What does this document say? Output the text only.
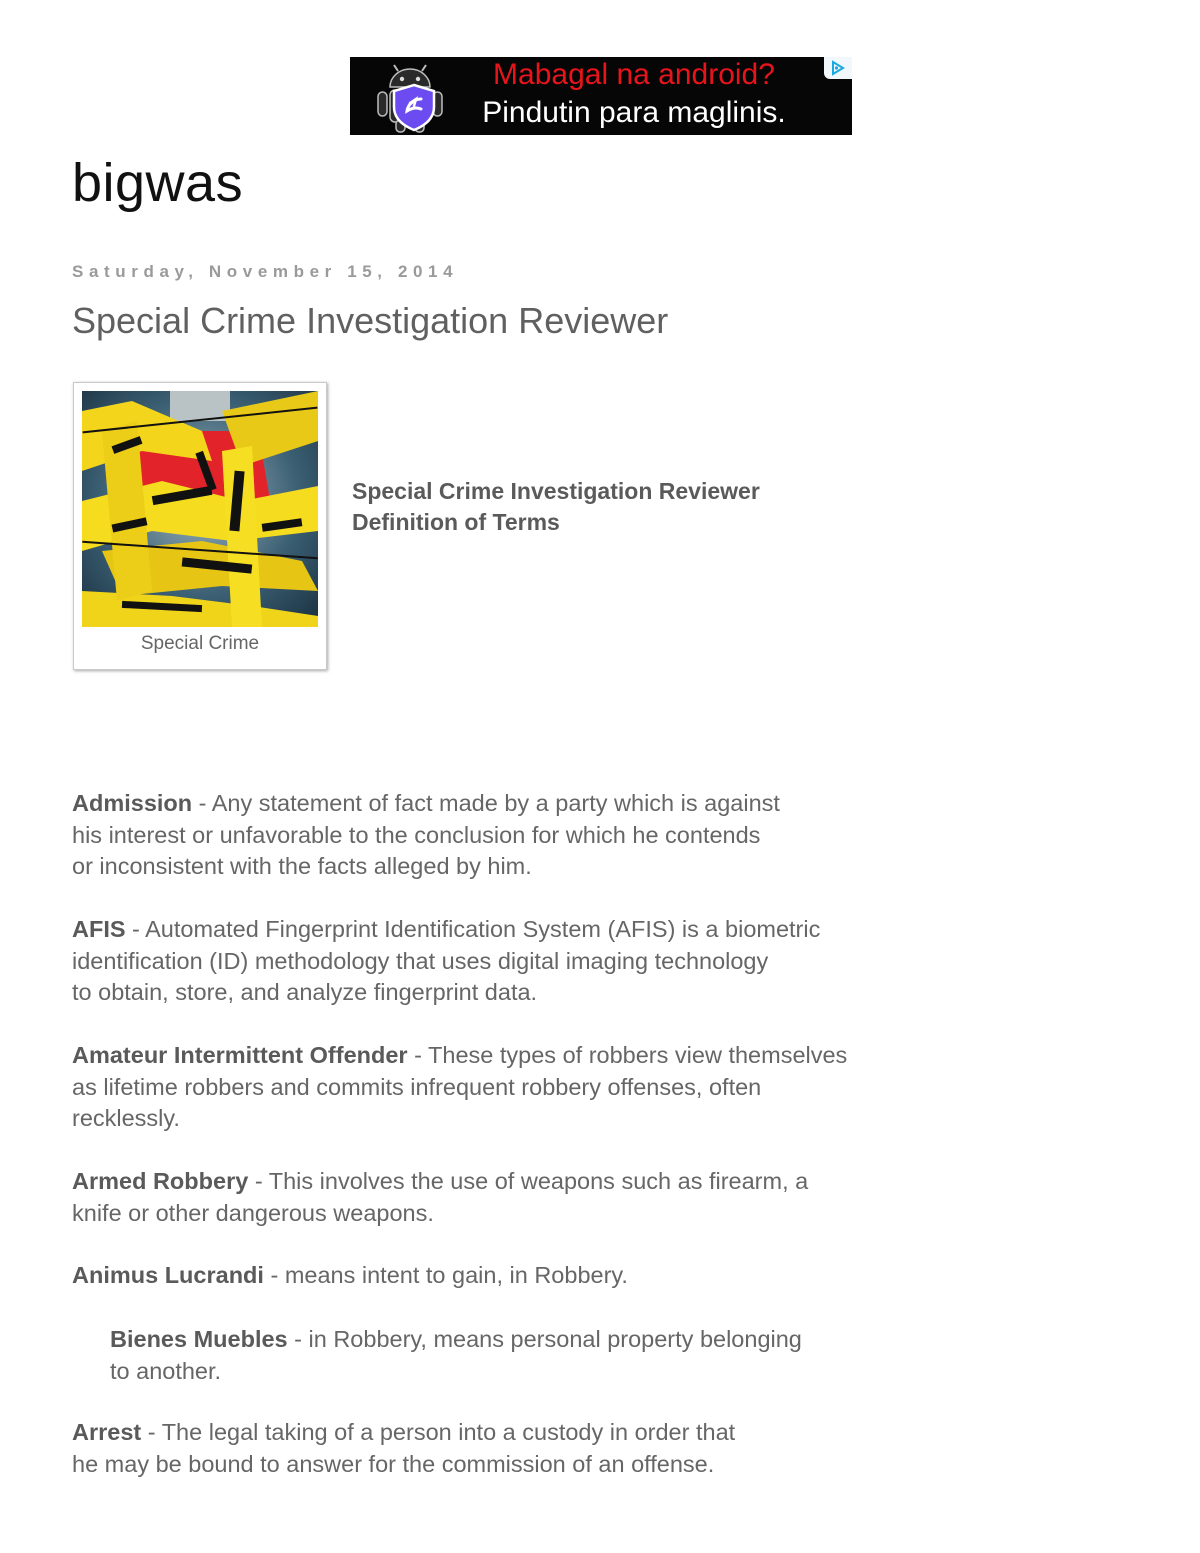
Mabagal na android?
Pindutin para maglinis.
bigwas
Saturday, November 15, 2014
Special Crime Investigation Reviewer
Special Crime
Special Crime Investigation Reviewer
Definition of Terms
Admission - Any statement of fact made by a party which is against
his interest or unfavorable to the conclusion for which he contends
or inconsistent with the facts alleged by him.
AFIS - Automated Fingerprint Identification System (AFIS) is a biometric
identification (ID) methodology that uses digital imaging technology
to obtain, store, and analyze fingerprint data.
Amateur Intermittent Offender - These types of robbers view themselves
as lifetime robbers and commits infrequent robbery offenses, often
recklessly.
Armed Robbery - This involves the use of weapons such as firearm, a
knife or other dangerous weapons.
Animus Lucrandi - means intent to gain, in Robbery.
Bienes Muebles - in Robbery, means personal property belonging
to another.
Arrest - The legal taking of a person into a custody in order that
he may be bound to answer for the commission of an offense.
